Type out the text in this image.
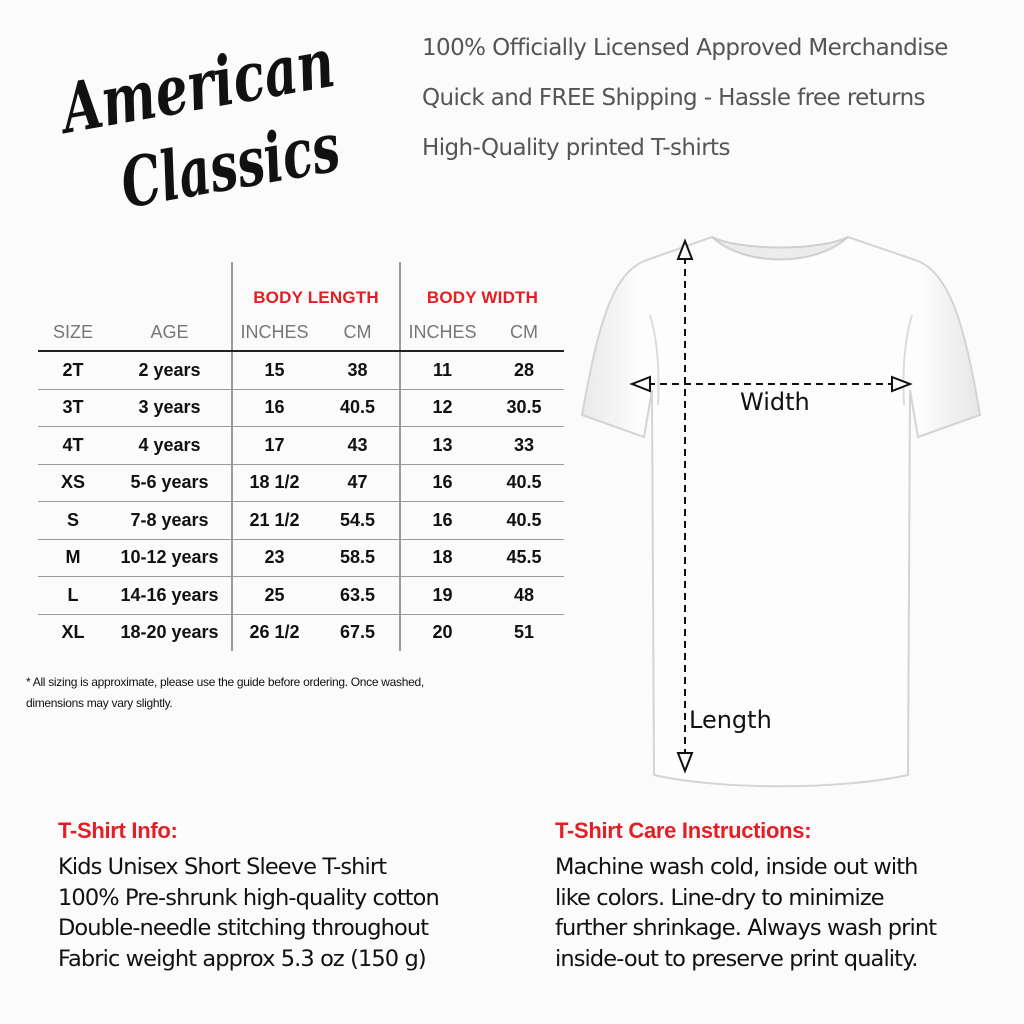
American
Classics
100% Officially Licensed Approved Merchandise
Quick and FREE Shipping - Hassle free returns
High-Quality printed T-shirts
		BODY LENGTH		BODY WIDTH	
SIZE	AGE	INCHES	CM	INCHES	CM
2T	2 years	15	38	11	28
3T	3 years	16	40.5	12	30.5
4T	4 years	17	43	13	33
XS	5-6 years	18 1/2	47	16	40.5
S	7-8 years	21 1/2	54.5	16	40.5
M	10-12 years	23	58.5	18	45.5
L	14-16 years	25	63.5	19	48
XL	18-20 years	26 1/2	67.5	20	51
* All sizing is approximate, please use the guide before ordering. Once washed, dimensions may vary slightly.
Width
Length
T-Shirt Info:
Kids Unisex Short Sleeve T-shirt
100% Pre-shrunk high-quality cotton
Double-needle stitching throughout
Fabric weight approx 5.3 oz (150 g)
T-Shirt Care Instructions:
Machine wash cold, inside out with
like colors. Line-dry to minimize
further shrinkage. Always wash print
inside-out to preserve print quality.
